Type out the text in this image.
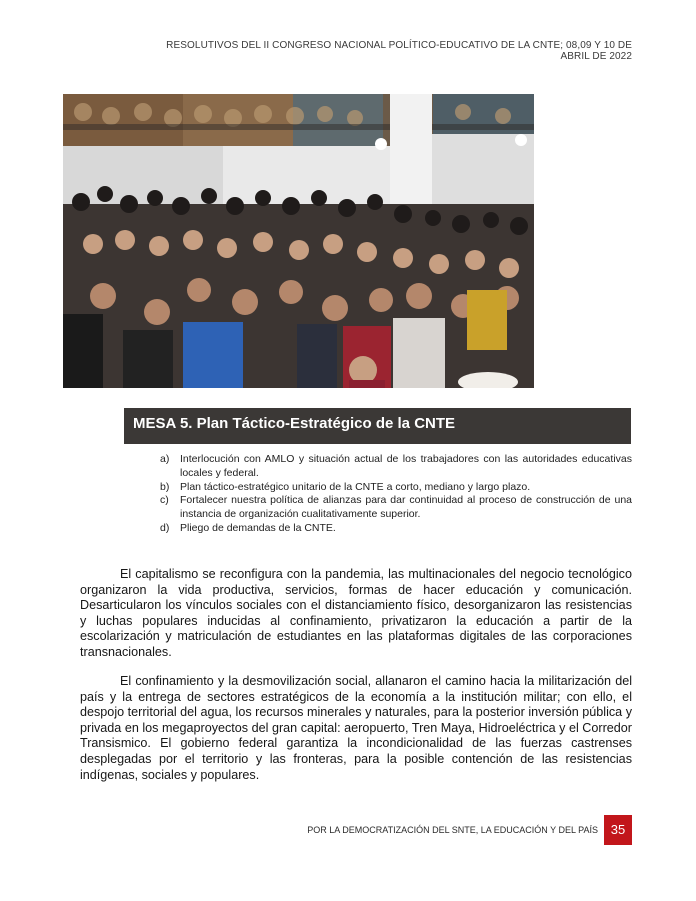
RESOLUTIVOS DEL II CONGRESO NACIONAL POLÍTICO-EDUCATIVO DE LA CNTE; 08,09 Y 10 DE ABRIL DE 2022
MESA 5. Plan Táctico-Estratégico de la CNTE
a)	Interlocución con AMLO y situación actual de los trabajadores con las autoridades educativas locales y federal.
b)	Plan táctico-estratégico unitario de la CNTE a corto, mediano y largo plazo.
c)	Fortalecer nuestra política de alianzas para dar continuidad al proceso de construcción de una instancia de organización cualitativamente superior.
d)	Pliego de demandas de la CNTE.

El capitalismo se reconfigura con la pandemia, las multinacionales del negocio tecnológico organizaron la vida productiva, servicios, formas de hacer educación y comunicación. Desarticularon los vínculos sociales con el distanciamiento físico, desorganizaron las resistencias y luchas populares inducidas al confinamiento, privatizaron la educación a partir de la escolarización y matriculación de estudiantes en las plataformas digitales de las corporaciones transnacionales.

El confinamiento y la desmovilización social, allanaron el camino hacia la militarización del país y la entrega de sectores estratégicos de la economía a la institución militar; con ello, el despojo territorial del agua, los recursos minerales y naturales, para la posterior inversión pública y privada en los megaproyectos del gran capital: aeropuerto, Tren Maya, Hidroeléctrica y el Corredor Transismico. El gobierno federal garantiza la incondicionalidad de las fuerzas castrenses desplegadas por el territorio y las fronteras, para la posible contención de las resistencias indígenas, sociales y populares.

POR LA DEMOCRATIZACIÓN DEL SNTE, LA EDUCACIÓN Y DEL PAÍS 35
